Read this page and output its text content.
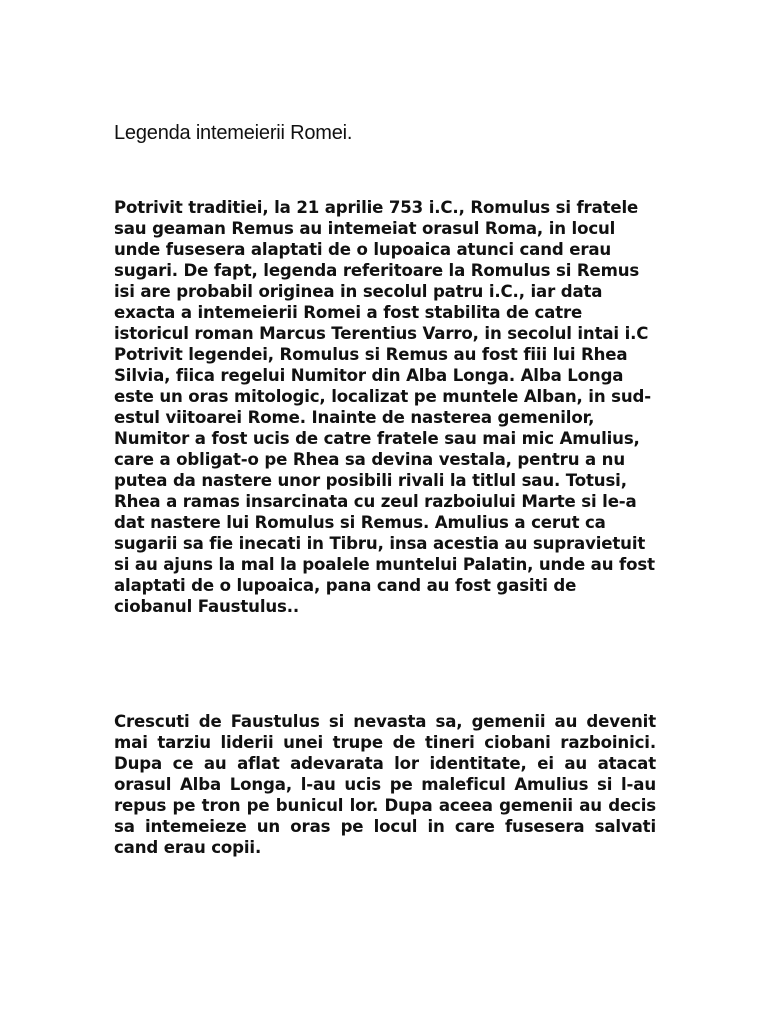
Legenda intemeierii Romei.
Potrivit traditiei, la 21 aprilie 753 i.C., Romulus si fratele sau geaman Remus au intemeiat orasul Roma, in locul unde fusesera alaptati de o lupoaica atunci cand erau sugari. De fapt, legenda referitoare la Romulus si Remus isi are probabil originea in secolul patru i.C., iar data exacta a intemeierii Romei a fost stabilita de catre istoricul roman Marcus Terentius Varro, in secolul intai i.C
Potrivit legendei, Romulus si Remus au fost fiii lui Rhea Silvia, fiica regelui Numitor din Alba Longa. Alba Longa este un oras mitologic, localizat pe muntele Alban, in sud-estul viitoarei Rome. Inainte de nasterea gemenilor, Numitor a fost ucis de catre fratele sau mai mic Amulius, care a obligat-o pe Rhea sa devina vestala, pentru a nu putea da nastere unor posibili rivali la titlul sau. Totusi, Rhea a ramas insarcinata cu zeul razboiului Marte si le-a dat nastere lui Romulus si Remus. Amulius a cerut ca sugarii sa fie inecati in Tibru, insa acestia au supravietuit si au ajuns la mal la poalele muntelui Palatin, unde au fost alaptati de o lupoaica, pana cand au fost gasiti de ciobanul Faustulus..
Crescuti de Faustulus si nevasta sa, gemenii au devenit mai tarziu liderii unei trupe de tineri ciobani razboinici. Dupa ce au aflat adevarata lor identitate, ei au atacat orasul Alba Longa, l-au ucis pe maleficul Amulius si l-au repus pe tron pe bunicul lor. Dupa aceea gemenii au decis sa intemeieze un oras pe locul in care fusesera salvati cand erau copii.
